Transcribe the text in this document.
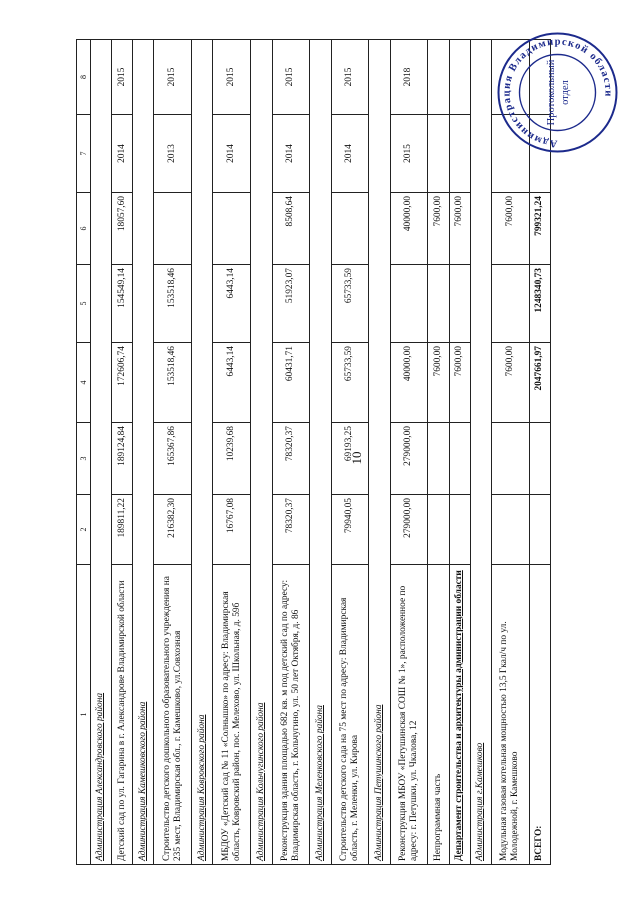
10
1	2	3	4	5	6	7	8
Администрация Александровского района							
Детский сад по ул. Гагарина в г. Александрове Владимирской области	189811,22	189124,84	172606,74	154549,14	18057,60	2014	2015
Администрация Камешковского района							
Строительство детского дошкольного образовательного учреждения на 235 мест, Владимирская обл., г. Камешково, ул.Совхозная	216382,30	165367,86	153518,46	153518,46		2013	2015
Администрация Ковровского района							
МБДОУ «Детский сад № 11 «Солнышко» по адресу: Владимирская область, Ковровский район, пос. Мелехово, ул. Школьная, д. 59б	16767,08	10239,68	6443,14	6443,14		2014	2015
Администрация Кольчугинского района							
Реконструкция здания площадью 682 кв. м под детский сад по адресу: Владимирская область, г. Кольчугино, ул. 50 лет Октября, д. 86	78320,37	78320,37	60431,71	51923,07	8508,64	2014	2015
Администрация Меленковского района							
Строительство детского сада на 75 мест по адресу: Владимирская область, г. Меленки, ул. Кирова	79940,05	69193,25	65733,59	65733,59		2014	2015
Администрация Петушинского района							
Реконструкция МБОУ «Петушинская СОШ № 1», расположенное по адресу: г. Петушки, ул. Чкалова, 12	279000,00	279000,00	40000,00		40000,00	2015	2018
Непрограммная часть			7600,00		7600,00		
Департамент строительства и архитектуры администрации области			7600,00		7600,00		
Администрация г.Камешково							
Модульная газовая котельная мощностью 13,5 Гкал/ч по ул. Молодежной, г. Камешково			7600,00		7600,00		
ВСЕГО:			2047661,97	1248340,73	799321,24		
Администрация Владимирской области
Протокольный отдел
